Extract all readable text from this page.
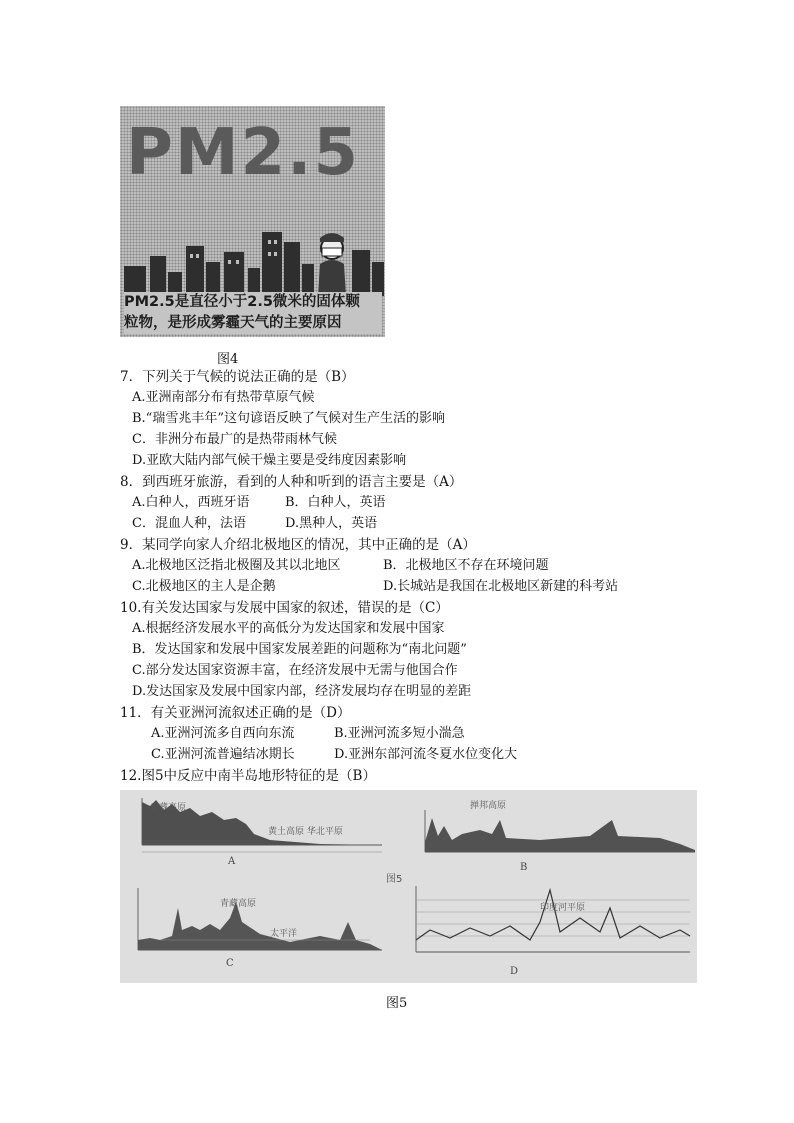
PM2.5
PM2.5是直径小于2.5微米的固体颗
粒物，是形成雾霾天气的主要原因
图4
7．下列关于气候的说法正确的是（B）
A.亚洲南部分布有热带草原气候
B.“瑞雪兆丰年”这句谚语反映了气候对生产生活的影响
C．非洲分布最广的是热带雨林气候
D.亚欧大陆内部气候干燥主要是受纬度因素影响
8．到西班牙旅游，看到的人种和听到的语言主要是（A）
A.白种人，西班牙语	B．白种人，英语
C．混血人种，法语	D.黑种人，英语
9．某同学向家人介绍北极地区的情况，其中正确的是（A）
A.北极地区泛指北极圈及其以北地区	B．北极地区不存在环境问题
C.北极地区的主人是企鹅	D.长城站是我国在北极地区新建的科考站
10.有关发达国家与发展中国家的叙述，错误的是（C）
A.根据经济发展水平的高低分为发达国家和发展中国家
B．发达国家和发展中国家发展差距的问题称为“南北问题”
C.部分发达国家资源丰富，在经济发展中无需与他国合作
D.发达国家及发展中国家内部，经济发展均存在明显的差距
11．有关亚洲河流叙述正确的是（D）
A.亚洲河流多自西向东流	B.亚洲河流多短小湍急
C.亚洲河流普遍结冰期长	D.亚洲东部河流冬夏水位变化大
12.图5中反应中南半岛地形特征的是（B）
A
B
C
D
青藏高原
黄土高原 华北平原
掸邦高原
青藏高原
太平洋
印度河平原
图5
图5
